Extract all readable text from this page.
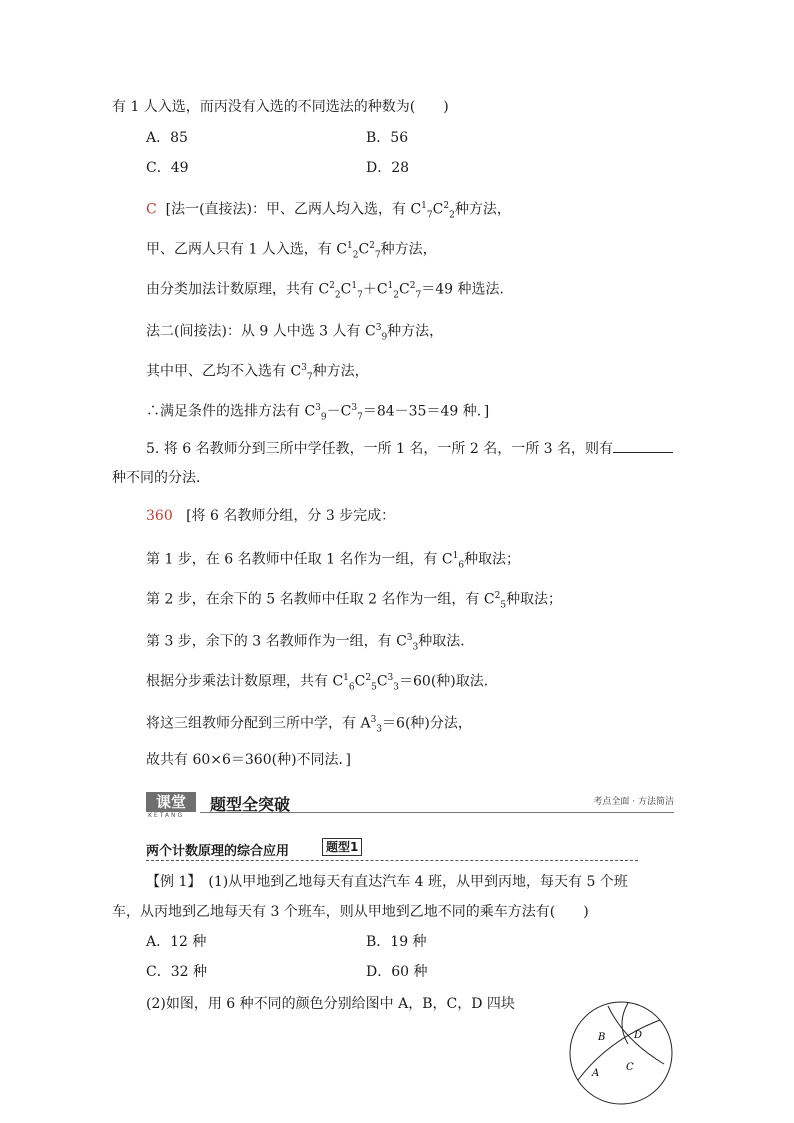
有 1 人入选，而丙没有入选的不同选法的种数为(　　)
A．85	B．56
C．49	D．28
C [法一(直接法)：甲、乙两人均入选，有 $C^1_7C^2_2$种方法，
甲、乙两人只有 1 人入选，有 $C^1_2C^2_7$种方法，
由分类加法计数原理，共有 $C^2_2C^1_7+C^1_2C^2_7=49$ 种选法．
法二(间接法)：从 9 人中选 3 人有 $C^3_9$种方法，
其中甲、乙均不入选有 $C^3_7$种方法，
∴满足条件的选排方法有 $C^3_9-C^3_7=84-35=49$ 种．]
5. 将 6 名教师分到三所中学任教，一所 1 名，一所 2 名，一所 3 名，则有
种不同的分法．
360 [将 6 名教师分组，分 3 步完成：
第 1 步，在 6 名教师中任取 1 名作为一组，有 $C^1_6$种取法；
第 2 步，在余下的 5 名教师中任取 2 名作为一组，有 $C^2_5$种取法；
第 3 步，余下的 3 名教师作为一组，有 $C^3_3$种取法．
根据分步乘法计数原理，共有 $C^1_6C^2_5C^3_3=60$(种)取法．
将这三组教师分配到三所中学，有 $A^3_3=6$(种)分法，
故共有 60×6＝360(种)不同法．]
课堂
KETANG
题型全突破	考点全面 · 方法简洁
两个计数原理的综合应用	题型1
【例 1】　(1)从甲地到乙地每天有直达汽车 4 班，从甲到丙地，每天有 5 个班
车，从丙地到乙地每天有 3 个班车，则从甲地到乙地不同的乘车方法有(　　)
A．12 种	B．19 种
C．32 种	D．60 种
(2)如图，用 6 种不同的颜色分别给图中 A，B，C，D 四块
B	D
A
C
